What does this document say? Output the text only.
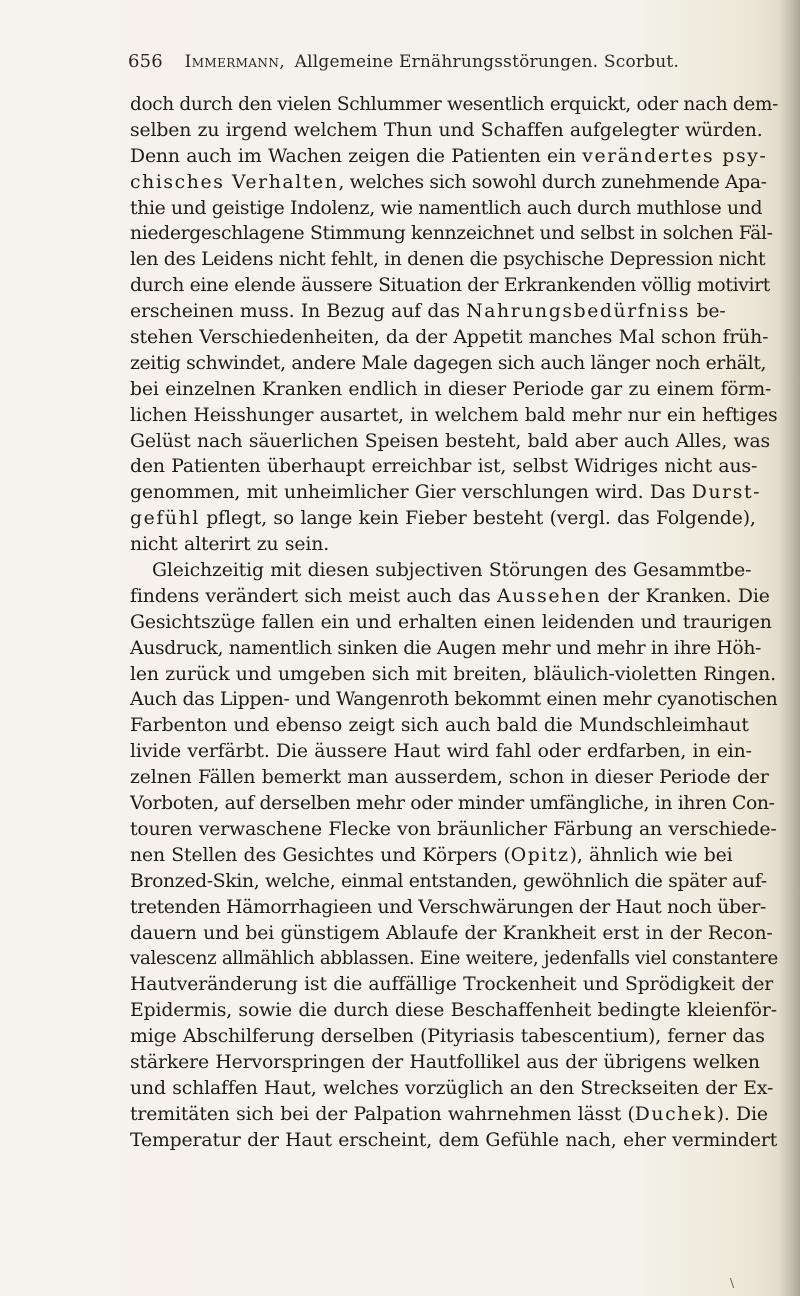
656 Immermann, Allgemeine Ernährungsstörungen. Scorbut.
doch durch den vielen Schlummer wesentlich erquickt, oder nach dem-
selben zu irgend welchem Thun und Schaffen aufgelegter würden.
Denn auch im Wachen zeigen die Patienten ein verändertes psy-
chisches Verhalten, welches sich sowohl durch zunehmende Apa-
thie und geistige Indolenz, wie namentlich auch durch muthlose und
niedergeschlagene Stimmung kennzeichnet und selbst in solchen Fäl-
len des Leidens nicht fehlt, in denen die psychische Depression nicht
durch eine elende äussere Situation der Erkrankenden völlig motivirt
erscheinen muss. In Bezug auf das Nahrungsbedürfniss be-
stehen Verschiedenheiten, da der Appetit manches Mal schon früh-
zeitig schwindet, andere Male dagegen sich auch länger noch erhält,
bei einzelnen Kranken endlich in dieser Periode gar zu einem förm-
lichen Heisshunger ausartet, in welchem bald mehr nur ein heftiges
Gelüst nach säuerlichen Speisen besteht, bald aber auch Alles, was
den Patienten überhaupt erreichbar ist, selbst Widriges nicht aus-
genommen, mit unheimlicher Gier verschlungen wird. Das Durst-
gefühl pflegt, so lange kein Fieber besteht (vergl. das Folgende),
nicht alterirt zu sein.
Gleichzeitig mit diesen subjectiven Störungen des Gesammtbe-
findens verändert sich meist auch das Aussehen der Kranken. Die
Gesichtszüge fallen ein und erhalten einen leidenden und traurigen
Ausdruck, namentlich sinken die Augen mehr und mehr in ihre Höh-
len zurück und umgeben sich mit breiten, bläulich-violetten Ringen.
Auch das Lippen- und Wangenroth bekommt einen mehr cyanotischen
Farbenton und ebenso zeigt sich auch bald die Mundschleimhaut
livide verfärbt. Die äussere Haut wird fahl oder erdfarben, in ein-
zelnen Fällen bemerkt man ausserdem, schon in dieser Periode der
Vorboten, auf derselben mehr oder minder umfängliche, in ihren Con-
touren verwaschene Flecke von bräunlicher Färbung an verschiede-
nen Stellen des Gesichtes und Körpers (Opitz), ähnlich wie bei
Bronzed-Skin, welche, einmal entstanden, gewöhnlich die später auf-
tretenden Hämorrhagieen und Verschwärungen der Haut noch über-
dauern und bei günstigem Ablaufe der Krankheit erst in der Recon-
valescenz allmählich abblassen. Eine weitere, jedenfalls viel constantere
Hautveränderung ist die auffällige Trockenheit und Sprödigkeit der
Epidermis, sowie die durch diese Beschaffenheit bedingte kleienför-
mige Abschilferung derselben (Pityriasis tabescentium), ferner das
stärkere Hervorspringen der Hautfollikel aus der übrigens welken
und schlaffen Haut, welches vorzüglich an den Streckseiten der Ex-
tremitäten sich bei der Palpation wahrnehmen lässt (Duchek). Die
Temperatur der Haut erscheint, dem Gefühle nach, eher vermindert
\
